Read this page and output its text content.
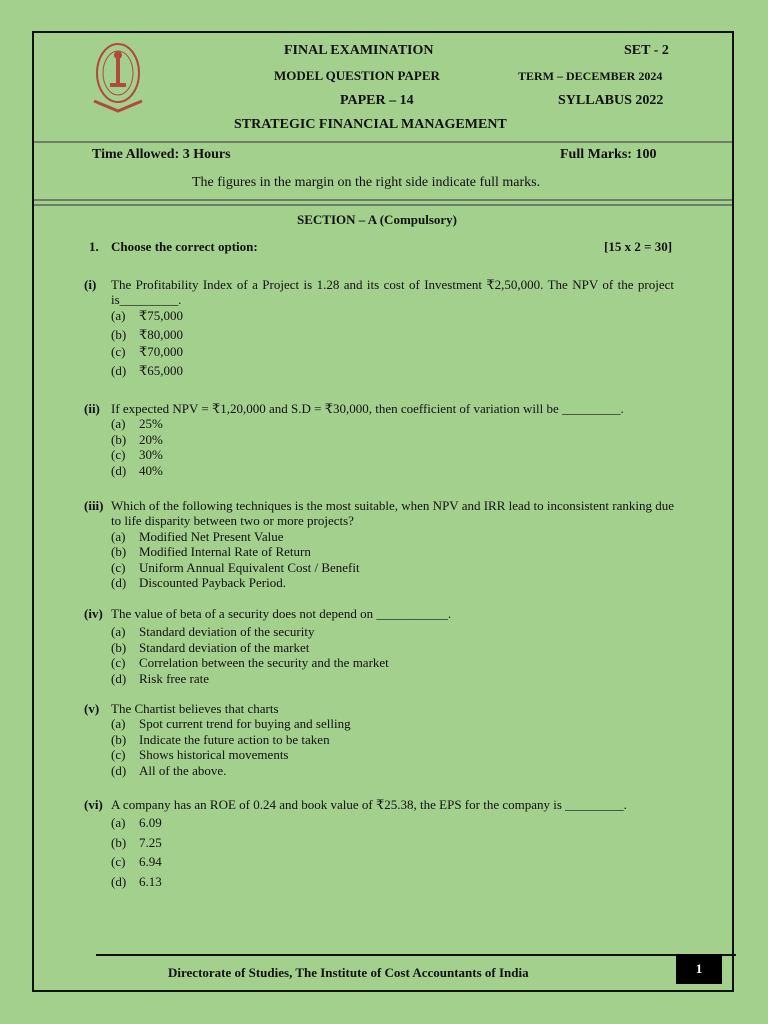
FINAL EXAMINATION	SET - 2
MODEL QUESTION PAPER	TERM – DECEMBER 2024
PAPER – 14	SYLLABUS 2022
STRATEGIC FINANCIAL MANAGEMENT
Time Allowed: 3 Hours	Full Marks: 100
The figures in the margin on the right side indicate full marks.
SECTION – A (Compulsory)
1. Choose the correct option:	[15 x 2 = 30]
(i) The Profitability Index of a Project is 1.28 and its cost of Investment ₹2,50,000. The NPV of the project is_________.
(a)	₹75,000
(b) ₹80,000
(c)	₹70,000
(d) ₹65,000
(ii) If expected NPV = ₹1,20,000 and S.D = ₹30,000, then coefficient of variation will be _________.
(a)	25%
(b) 20%
(c)	30%
(d) 40%
(iii) Which of the following techniques is the most suitable, when NPV and IRR lead to inconsistent ranking due to life disparity between two or more projects?
(a)	Modified Net Present Value
(b) Modified Internal Rate of Return
(c)	Uniform Annual Equivalent Cost / Benefit
(d) Discounted Payback Period.
(iv) The value of beta of a security does not depend on ___________.
(a)	Standard deviation of the security
(b) Standard deviation of the market
(c)	Correlation between the security and the market
(d) Risk free rate
(v) The Chartist believes that charts
(a)	Spot current trend for buying and selling
(b) Indicate the future action to be taken
(c)	Shows historical movements
(d) All of the above.
(vi) A company has an ROE of 0.24 and book value of ₹25.38, the EPS for the company is _________.
(a)	6.09
(b) 7.25
(c)	6.94
(d) 6.13
Directorate of Studies, The Institute of Cost Accountants of India	1
